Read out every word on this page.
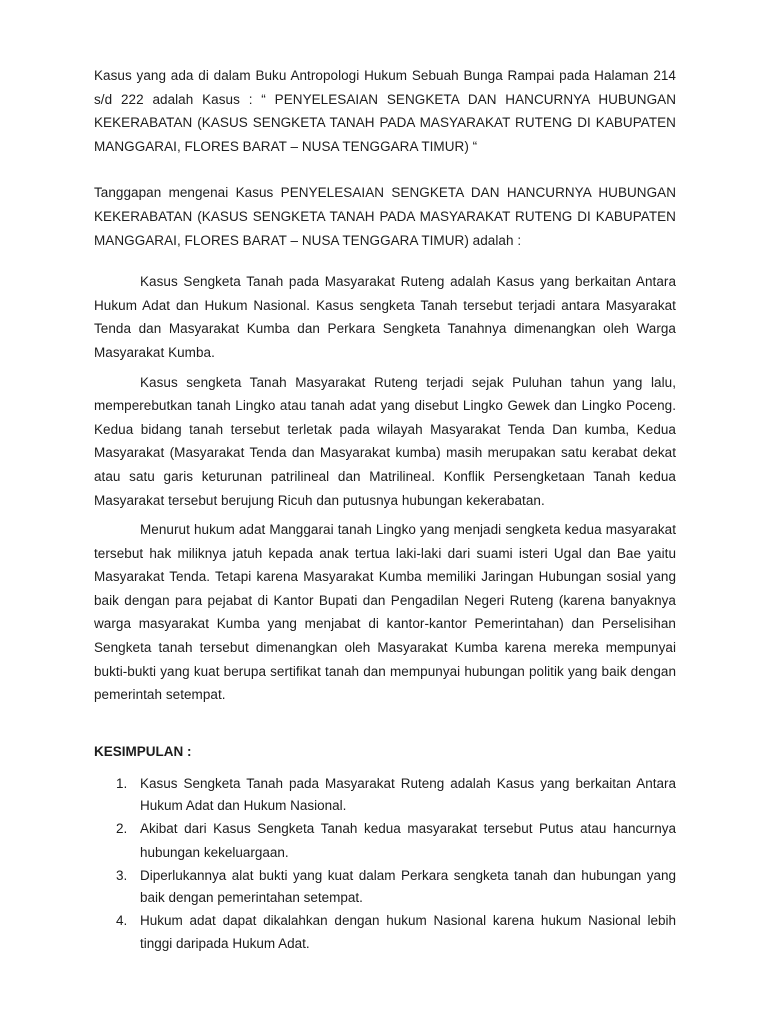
Kasus yang ada di dalam Buku Antropologi Hukum Sebuah Bunga Rampai pada Halaman 214 s/d 222 adalah Kasus : “ PENYELESAIAN SENGKETA DAN HANCURNYA HUBUNGAN KEKERABATAN (KASUS SENGKETA TANAH PADA MASYARAKAT RUTENG DI KABUPATEN MANGGARAI, FLORES BARAT – NUSA TENGGARA TIMUR) “

Tanggapan mengenai Kasus PENYELESAIAN SENGKETA DAN HANCURNYA HUBUNGAN KEKERABATAN (KASUS SENGKETA TANAH PADA MASYARAKAT RUTENG DI KABUPATEN MANGGARAI, FLORES BARAT – NUSA TENGGARA TIMUR) adalah :

Kasus Sengketa Tanah pada Masyarakat Ruteng adalah Kasus yang berkaitan Antara Hukum Adat dan Hukum Nasional. Kasus sengketa Tanah tersebut terjadi antara Masyarakat Tenda dan Masyarakat Kumba dan Perkara Sengketa Tanahnya dimenangkan oleh Warga Masyarakat Kumba.

Kasus sengketa Tanah Masyarakat Ruteng terjadi sejak Puluhan tahun yang lalu, memperebutkan tanah Lingko atau tanah adat yang disebut Lingko Gewek dan Lingko Poceng. Kedua bidang tanah tersebut terletak pada wilayah Masyarakat Tenda Dan kumba, Kedua Masyarakat (Masyarakat Tenda dan Masyarakat kumba) masih merupakan satu kerabat dekat atau satu garis keturunan patrilineal dan Matrilineal. Konflik Persengketaan Tanah kedua Masyarakat tersebut berujung Ricuh dan putusnya hubungan kekerabatan.

Menurut hukum adat Manggarai tanah Lingko yang menjadi sengketa kedua masyarakat tersebut hak miliknya jatuh kepada anak tertua laki-laki dari suami isteri Ugal dan Bae yaitu Masyarakat Tenda. Tetapi karena Masyarakat Kumba memiliki Jaringan Hubungan sosial yang baik dengan para pejabat di Kantor Bupati dan Pengadilan Negeri Ruteng (karena banyaknya warga masyarakat Kumba yang menjabat di kantor-kantor Pemerintahan) dan Perselisihan Sengketa tanah tersebut dimenangkan oleh Masyarakat Kumba karena mereka mempunyai bukti-bukti yang kuat berupa sertifikat tanah dan mempunyai hubungan politik yang baik dengan pemerintah setempat.

KESIMPULAN :

1. Kasus Sengketa Tanah pada Masyarakat Ruteng adalah Kasus yang berkaitan Antara Hukum Adat dan Hukum Nasional.
2. Akibat dari Kasus Sengketa Tanah kedua masyarakat tersebut Putus atau hancurnya hubungan kekeluargaan.
3. Diperlukannya alat bukti yang kuat dalam Perkara sengketa tanah dan hubungan yang baik dengan pemerintahan setempat.
4. Hukum adat dapat dikalahkan dengan hukum Nasional karena hukum Nasional lebih tinggi daripada Hukum Adat.
